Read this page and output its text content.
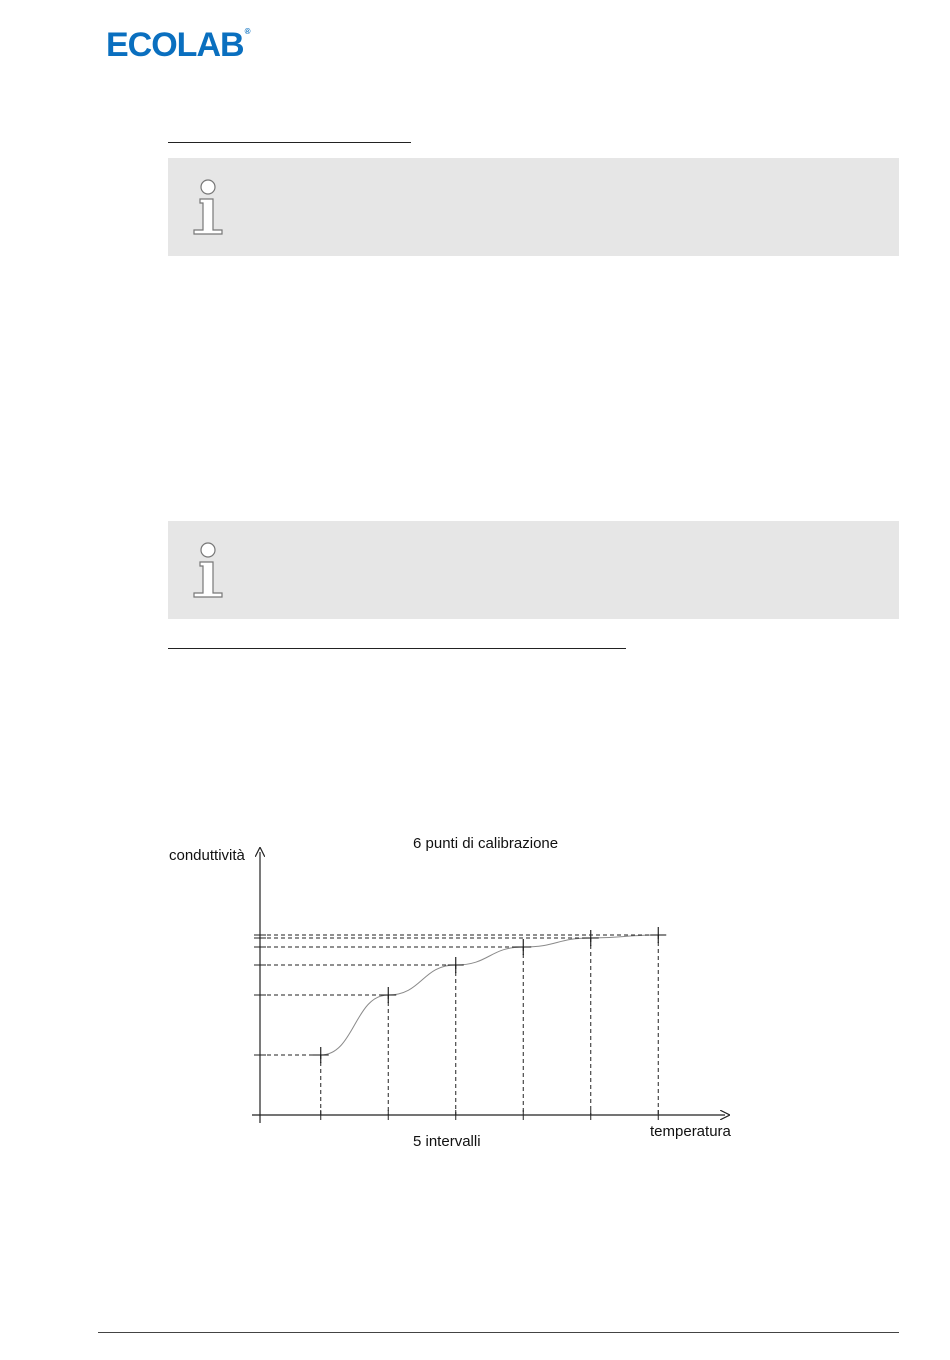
ECOLAB®
conduttività
6 punti di calibrazione
5 intervalli
temperatura
